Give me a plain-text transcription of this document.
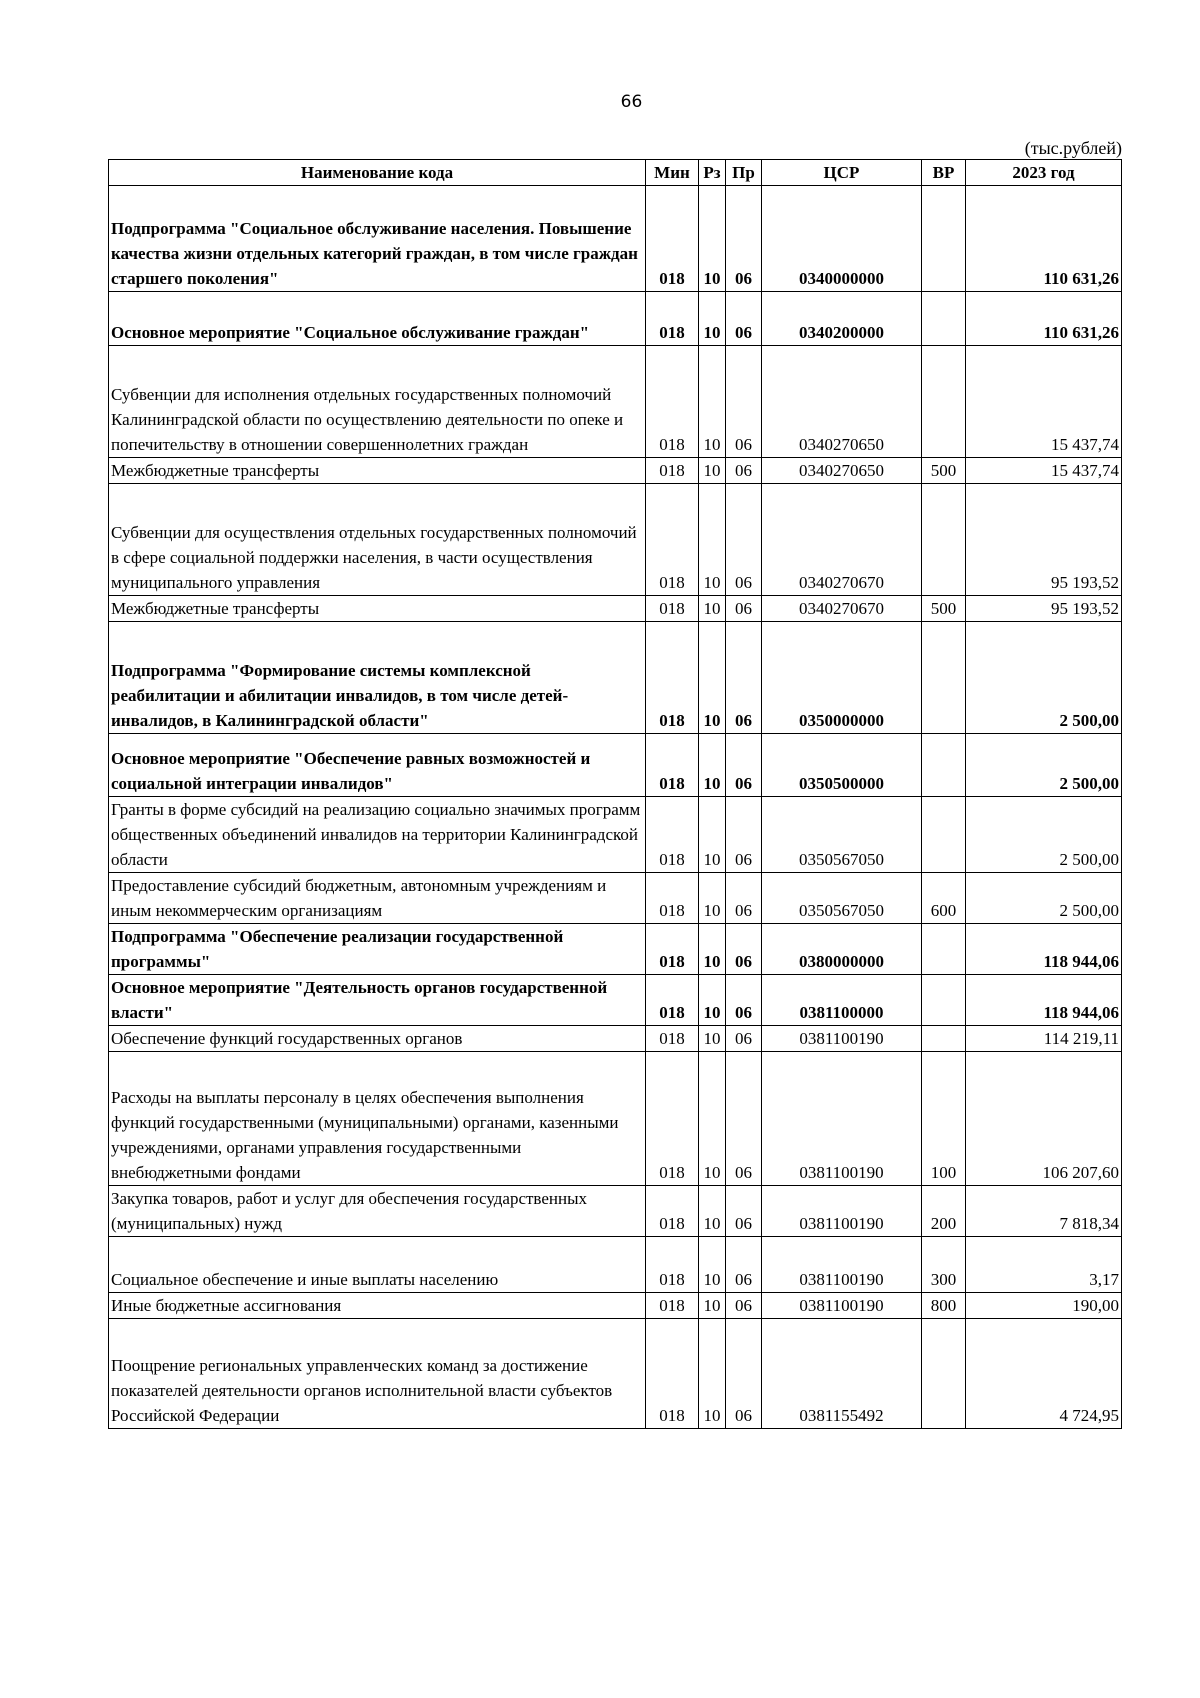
66
(тыс.рублей)
Наименование кода	Мин	Рз	Пр	ЦСР	ВР	2023 год
Подпрограмма "Социальное обслуживание населения. Повышение качества жизни отдельных категорий граждан, в том числе граждан старшего поколения"	018	10	06	0340000000		110 631,26
Основное мероприятие "Социальное обслуживание граждан"	018	10	06	0340200000		110 631,26
Субвенции для исполнения отдельных государственных полномочий Калининградской области по осуществлению деятельности по опеке и попечительству в отношении совершеннолетних граждан	018	10	06	0340270650		15 437,74
Межбюджетные трансферты	018	10	06	0340270650	500	15 437,74
Субвенции для осуществления отдельных государственных полномочий в сфере социальной поддержки населения, в части осуществления муниципального управления	018	10	06	0340270670		95 193,52
Межбюджетные трансферты	018	10	06	0340270670	500	95 193,52
Подпрограмма "Формирование системы комплексной реабилитации и абилитации инвалидов, в том числе детей-инвалидов, в Калининградской области"	018	10	06	0350000000		2 500,00
Основное мероприятие "Обеспечение равных возможностей и социальной интеграции инвалидов"	018	10	06	0350500000		2 500,00
Гранты в форме субсидий на реализацию социально значимых программ общественных объединений инвалидов на территории Калининградской области	018	10	06	0350567050		2 500,00
Предоставление субсидий бюджетным, автономным учреждениям и иным некоммерческим организациям	018	10	06	0350567050	600	2 500,00
Подпрограмма "Обеспечение реализации государственной программы"	018	10	06	0380000000		118 944,06
Основное мероприятие "Деятельность органов государственной власти"	018	10	06	0381100000		118 944,06
Обеспечение функций государственных органов	018	10	06	0381100190		114 219,11
Расходы на выплаты персоналу в целях обеспечения выполнения функций государственными (муниципальными) органами, казенными учреждениями, органами управления государственными внебюджетными фондами	018	10	06	0381100190	100	106 207,60
Закупка товаров, работ и услуг для обеспечения государственных (муниципальных) нужд	018	10	06	0381100190	200	7 818,34
Социальное обеспечение и иные выплаты населению	018	10	06	0381100190	300	3,17
Иные бюджетные ассигнования	018	10	06	0381100190	800	190,00
Поощрение региональных управленческих команд за достижение показателей деятельности органов исполнительной власти субъектов Российской Федерации	018	10	06	0381155492		4 724,95
